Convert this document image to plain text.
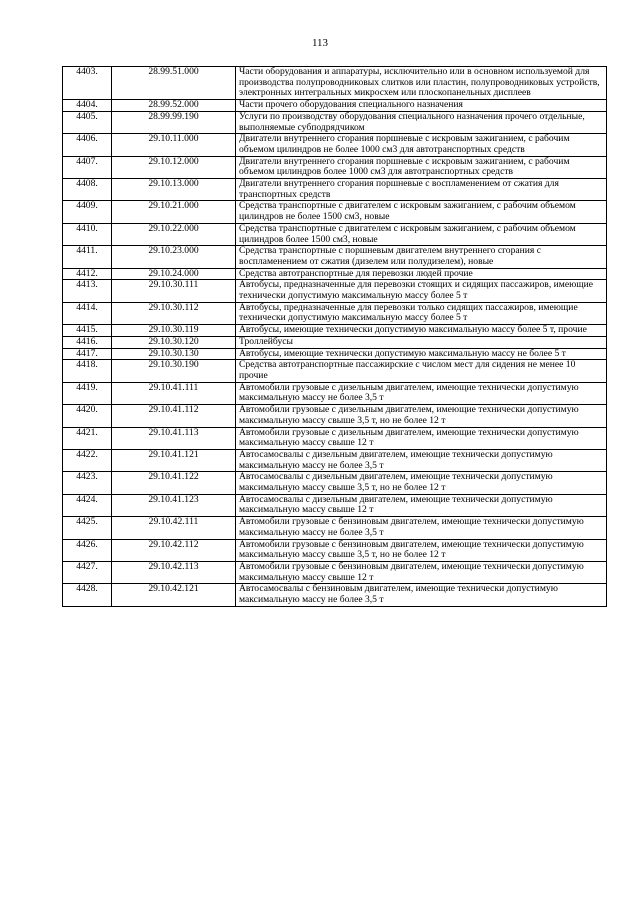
113
4403.	28.99.51.000	Части оборудования и аппаратуры, исключительно или в основном используемой для производства полупроводниковых слитков или пластин, полупроводниковых устройств, электронных интегральных микросхем или плоскопанельных дисплеев
4404.	28.99.52.000	Части прочего оборудования специального назначения
4405.	28.99.99.190	Услуги по производству оборудования специального назначения прочего отдельные, выполняемые субподрядчиком
4406.	29.10.11.000	Двигатели внутреннего сгорания поршневые с искровым зажиганием, с рабочим объемом цилиндров не более 1000 см3 для автотранспортных средств
4407.	29.10.12.000	Двигатели внутреннего сгорания поршневые с искровым зажиганием, с рабочим объемом цилиндров более 1000 см3 для автотранспортных средств
4408.	29.10.13.000	Двигатели внутреннего сгорания поршневые с воспламенением от сжатия для транспортных средств
4409.	29.10.21.000	Средства транспортные с двигателем с искровым зажиганием, с рабочим объемом цилиндров не более 1500 см3, новые
4410.	29.10.22.000	Средства транспортные с двигателем с искровым зажиганием, с рабочим объемом цилиндров более 1500 см3, новые
4411.	29.10.23.000	Средства транспортные с поршневым двигателем внутреннего сгорания с воспламенением от сжатия (дизелем или полудизелем), новые
4412.	29.10.24.000	Средства автотранспортные для перевозки людей прочие
4413.	29.10.30.111	Автобусы, предназначенные для перевозки стоящих и сидящих пассажиров, имеющие технически допустимую максимальную массу более 5 т
4414.	29.10.30.112	Автобусы, предназначенные для перевозки только сидящих пассажиров, имеющие технически допустимую максимальную массу более 5 т
4415.	29.10.30.119	Автобусы, имеющие технически допустимую максимальную массу более 5 т, прочие
4416.	29.10.30.120	Троллейбусы
4417.	29.10.30.130	Автобусы, имеющие технически допустимую максимальную массу не более 5 т
4418.	29.10.30.190	Средства автотранспортные пассажирские с числом мест для сидения не менее 10 прочие
4419.	29.10.41.111	Автомобили грузовые с дизельным двигателем, имеющие технически допустимую максимальную массу не более 3,5 т
4420.	29.10.41.112	Автомобили грузовые с дизельным двигателем, имеющие технически допустимую максимальную массу свыше 3,5 т, но не более 12 т
4421.	29.10.41.113	Автомобили грузовые с дизельным двигателем, имеющие технически допустимую максимальную массу свыше 12 т
4422.	29.10.41.121	Автосамосвалы с дизельным двигателем, имеющие технически допустимую максимальную массу не более 3,5 т
4423.	29.10.41.122	Автосамосвалы с дизельным двигателем, имеющие технически допустимую максимальную массу свыше 3,5 т, но не более 12 т
4424.	29.10.41.123	Автосамосвалы с дизельным двигателем, имеющие технически допустимую максимальную массу свыше 12 т
4425.	29.10.42.111	Автомобили грузовые с бензиновым двигателем, имеющие технически допустимую максимальную массу не более 3,5 т
4426.	29.10.42.112	Автомобили грузовые с бензиновым двигателем, имеющие технически допустимую максимальную массу свыше 3,5 т, но не более 12 т
4427.	29.10.42.113	Автомобили грузовые с бензиновым двигателем, имеющие технически допустимую максимальную массу свыше 12 т
4428.	29.10.42.121	Автосамосвалы с бензиновым двигателем, имеющие технически допустимую максимальную массу не более 3,5 т
